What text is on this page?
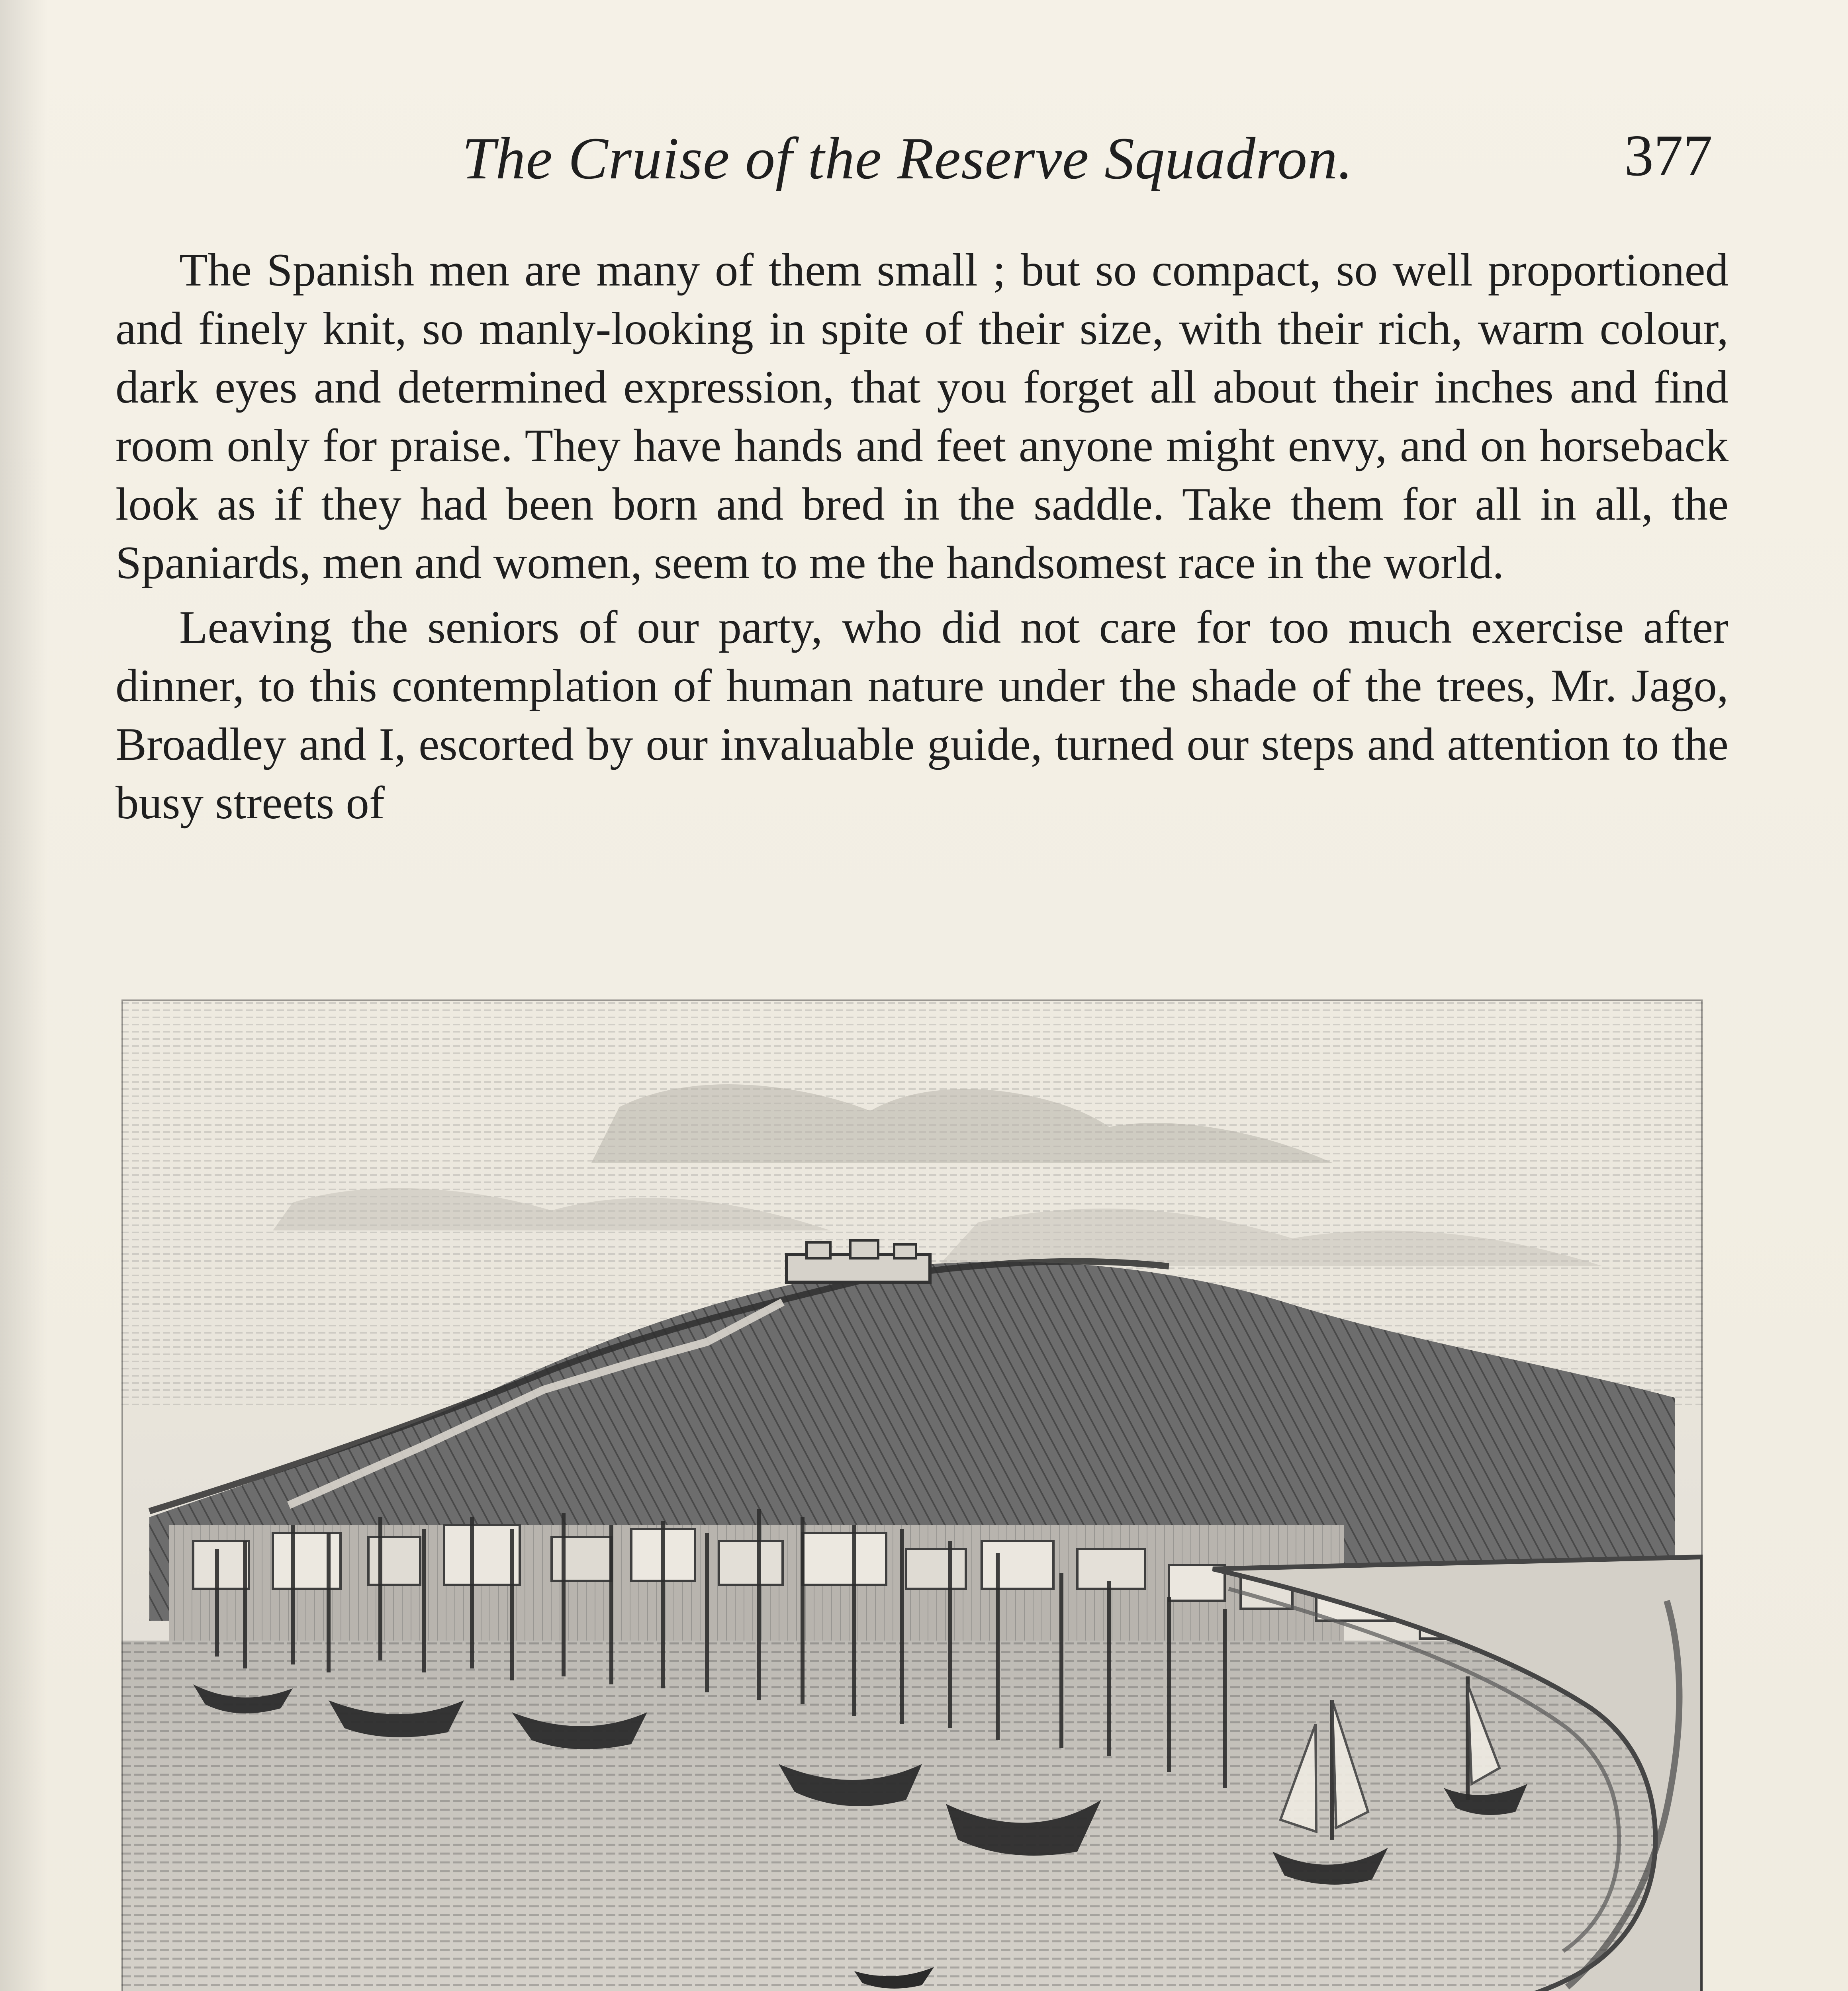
The Cruise of the Reserve Squadron.	377

The Spanish men are many of them small ; but so compact, so well proportioned and finely knit, so manly-looking in spite of their size, with their rich, warm colour, dark eyes and determined expression, that you forget all about their inches and find room only for praise. They have hands and feet anyone might envy, and on horseback look as if they had been born and bred in the saddle. Take them for all in all, the Spaniards, men and women, seem to me the handsomest race in the world.

Leaving the seniors of our party, who did not care for too much exercise after dinner, to this contemplation of human nature under the shade of the trees, Mr. Jago, Broadley and I, escorted by our invaluable guide, turned our steps and attention to the busy streets of
